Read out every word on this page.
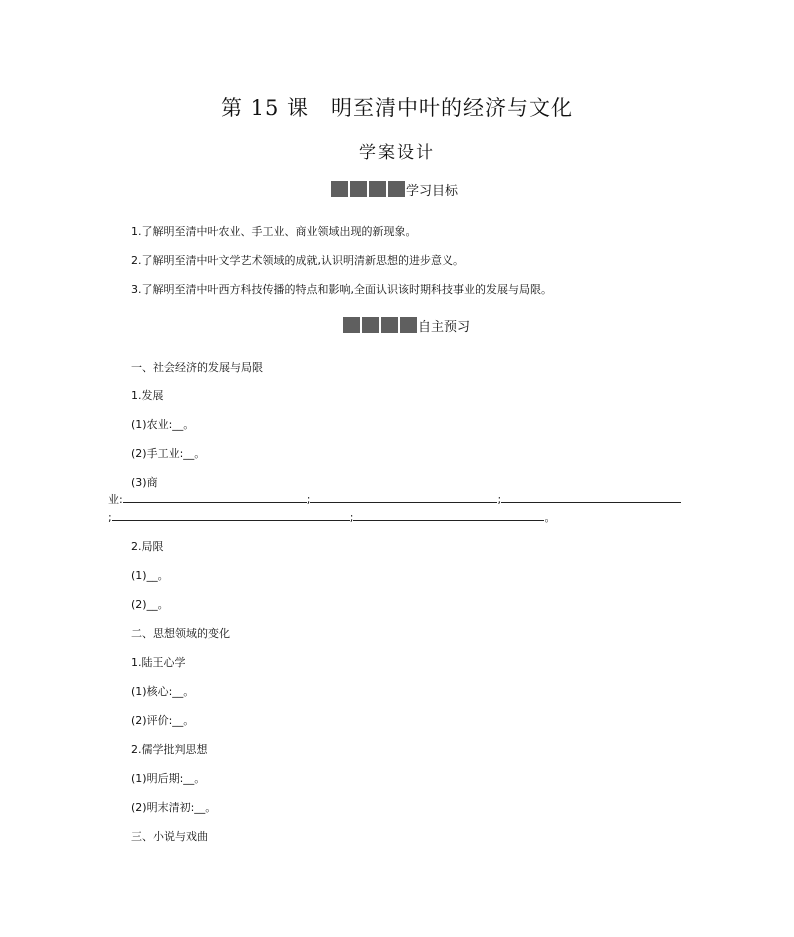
第 15 课　明至清中叶的经济与文化
学案设计
学习目标
1.了解明至清中叶农业、手工业、商业领域出现的新现象。
2.了解明至清中叶文学艺术领域的成就,认识明清新思想的进步意义。
3.了解明至清中叶西方科技传播的特点和影响,全面认识该时期科技事业的发展与局限。
自主预习
一、社会经济的发展与局限
1.发展
(1)农业:__。
(2)手工业:__。
(3)商
业:	;	;
;	;	。
2.局限
(1)__。
(2)__。
二、思想领域的变化
1.陆王心学
(1)核心:__。
(2)评价:__。
2.儒学批判思想
(1)明后期:__。
(2)明末清初:__。
三、小说与戏曲
